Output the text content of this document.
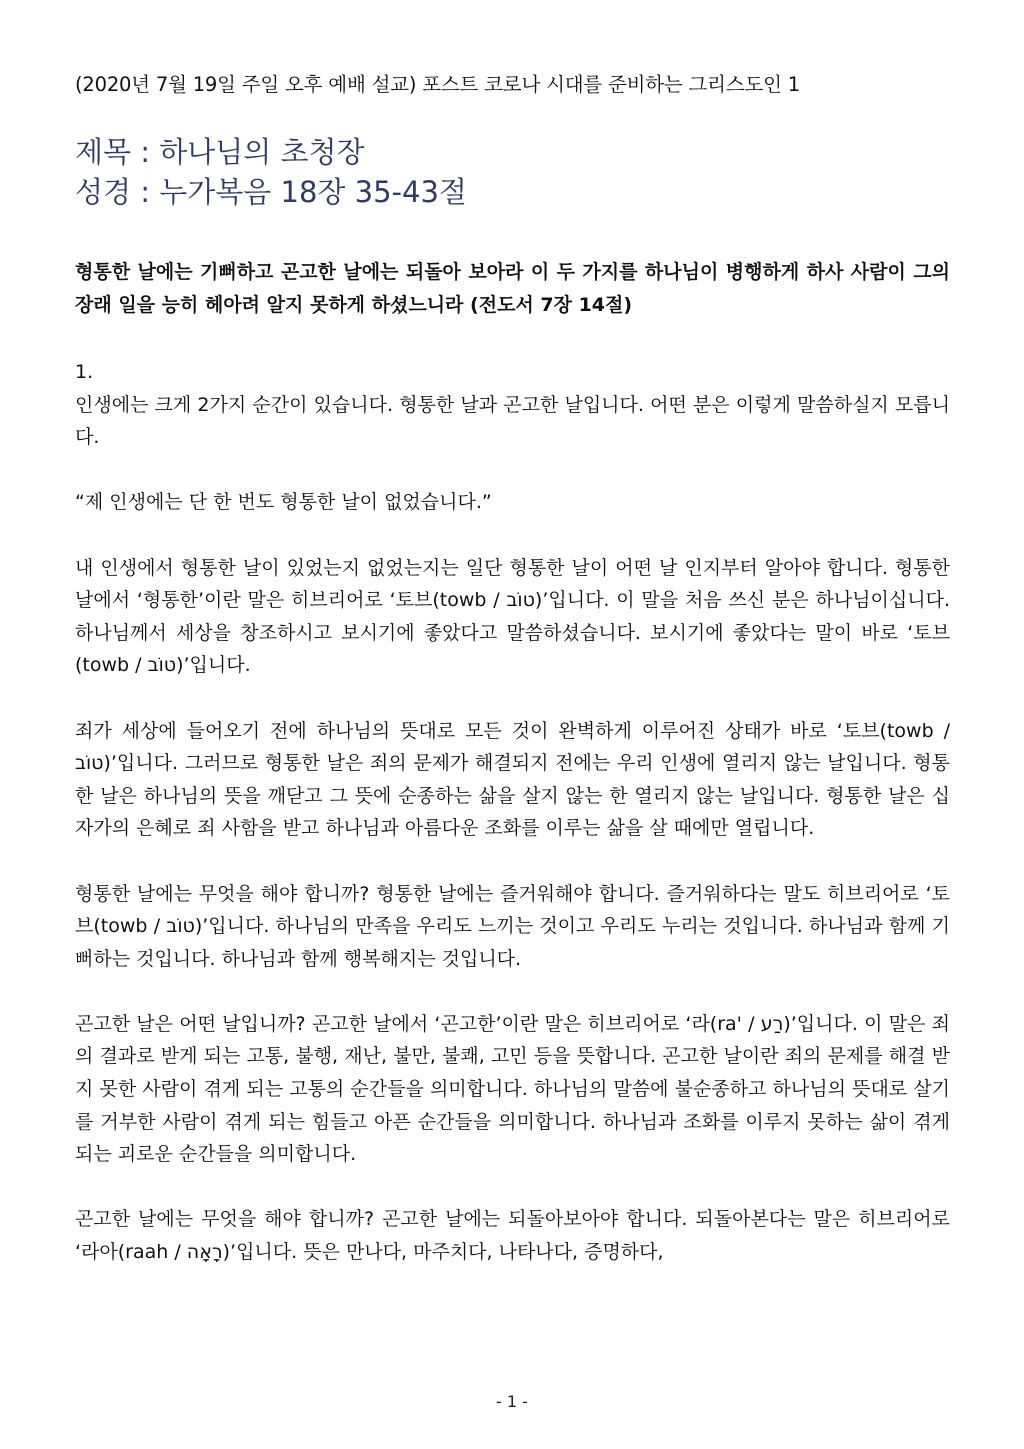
(2020년 7월 19일 주일 오후 예배 설교) 포스트 코로나 시대를 준비하는 그리스도인 1
제목 : 하나님의 초청장
성경 : 누가복음 18장 35-43절
형통한 날에는 기뻐하고 곤고한 날에는 되돌아 보아라 이 두 가지를 하나님이 병행하게 하사 사람이 그의 장래 일을 능히 헤아려 알지 못하게 하셨느니라 (전도서 7장 14절)

1.

인생에는 크게 2가지 순간이 있습니다. 형통한 날과 곤고한 날입니다. 어떤 분은 이렇게 말씀하실지 모릅니다.

“제 인생에는 단 한 번도 형통한 날이 없었습니다.”

내 인생에서 형통한 날이 있었는지 없었는지는 일단 형통한 날이 어떤 날 인지부터 알아야 합니다. 형통한 날에서 ‘형통한’이란 말은 히브리어로 ‘토브(towb / טוֹב)’입니다. 이 말을 처음 쓰신 분은 하나님이십니다. 하나님께서 세상을 창조하시고 보시기에 좋았다고 말씀하셨습니다. 보시기에 좋았다는 말이 바로 ‘토브(towb / טוֹב)’입니다.

죄가 세상에 들어오기 전에 하나님의 뜻대로 모든 것이 완벽하게 이루어진 상태가 바로 ‘토브(towb / טוֹב)’입니다. 그러므로 형통한 날은 죄의 문제가 해결되지 전에는 우리 인생에 열리지 않는 날입니다. 형통한 날은 하나님의 뜻을 깨닫고 그 뜻에 순종하는 삶을 살지 않는 한 열리지 않는 날입니다. 형통한 날은 십자가의 은혜로 죄 사함을 받고 하나님과 아름다운 조화를 이루는 삶을 살 때에만 열립니다.

형통한 날에는 무엇을 해야 합니까? 형통한 날에는 즐거워해야 합니다. 즐거워하다는 말도 히브리어로 ‘토브(towb / טוֹב)’입니다. 하나님의 만족을 우리도 느끼는 것이고 우리도 누리는 것입니다. 하나님과 함께 기뻐하는 것입니다. 하나님과 함께 행복해지는 것입니다.

곤고한 날은 어떤 날입니까? 곤고한 날에서 ‘곤고한’이란 말은 히브리어로 ‘라(ra' / רַע)’입니다. 이 말은 죄의 결과로 받게 되는 고통, 불행, 재난, 불만, 불쾌, 고민 등을 뜻합니다. 곤고한 날이란 죄의 문제를 해결 받지 못한 사람이 겪게 되는 고통의 순간들을 의미합니다. 하나님의 말씀에 불순종하고 하나님의 뜻대로 살기를 거부한 사람이 겪게 되는 힘들고 아픈 순간들을 의미합니다. 하나님과 조화를 이루지 못하는 삶이 겪게 되는 괴로운 순간들을 의미합니다.

곤고한 날에는 무엇을 해야 합니까? 곤고한 날에는 되돌아보아야 합니다. 되돌아본다는 말은 히브리어로 ‘라아(raah / רָאָה)’입니다. 뜻은 만나다, 마주치다, 나타나다, 증명하다,

- 1 -
